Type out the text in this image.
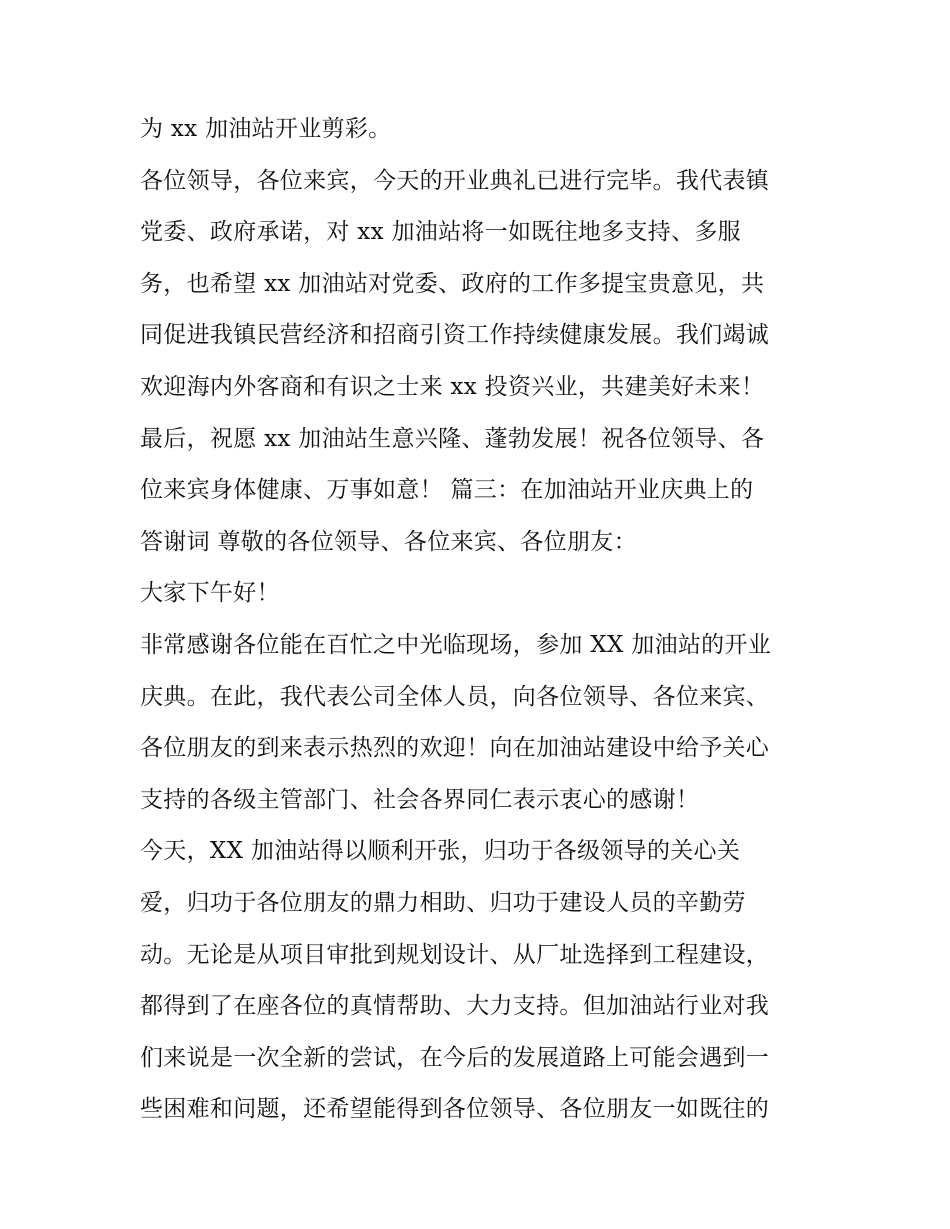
为 xx 加油站开业剪彩。
各位领导，各位来宾，今天的开业典礼已进行完毕。我代表镇
党委、政府承诺，对 xx 加油站将一如既往地多支持、多服
务，也希望 xx 加油站对党委、政府的工作多提宝贵意见，共
同促进我镇民营经济和招商引资工作持续健康发展。我们竭诚
欢迎海内外客商和有识之士来 xx 投资兴业，共建美好未来！
最后，祝愿 xx 加油站生意兴隆、蓬勃发展！祝各位领导、各
位来宾身体健康、万事如意！ 篇三：在加油站开业庆典上的
答谢词 尊敬的各位领导、各位来宾、各位朋友：
大家下午好！
非常感谢各位能在百忙之中光临现场，参加 XX 加油站的开业
庆典。在此，我代表公司全体人员，向各位领导、各位来宾、
各位朋友的到来表示热烈的欢迎！向在加油站建设中给予关心
支持的各级主管部门、社会各界同仁表示衷心的感谢！
今天，XX 加油站得以顺利开张，归功于各级领导的关心关
爱，归功于各位朋友的鼎力相助、归功于建设人员的辛勤劳
动。无论是从项目审批到规划设计、从厂址选择到工程建设，
都得到了在座各位的真情帮助、大力支持。但加油站行业对我
们来说是一次全新的尝试，在今后的发展道路上可能会遇到一
些困难和问题，还希望能得到各位领导、各位朋友一如既往的
